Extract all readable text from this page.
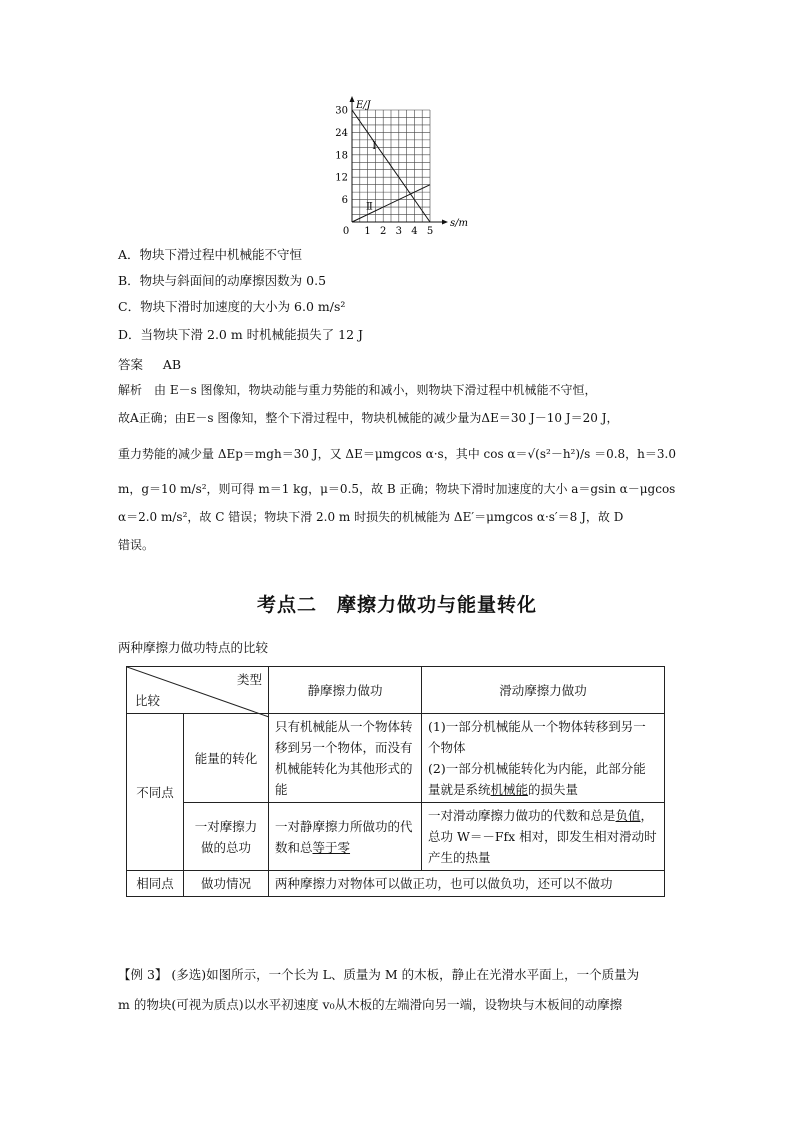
Ⅰ
Ⅱ
0 1 2 3 4 5
6
12
18
24
30 E/J
s/m
A．物块下滑过程中机械能不守恒
B．物块与斜面间的动摩擦因数为 0.5
C．物块下滑时加速度的大小为 6.0 m/s²
D．当物块下滑 2.0 m 时机械能损失了 12 J
答案 AB
解析　由 E－s 图像知，物块动能与重力势能的和减小，则物块下滑过程中机械能不守恒，
故A正确；由E－s 图像知，整个下滑过程中，物块机械能的减少量为ΔE＝30 J－10 J＝20 J，
重力势能的减少量 ΔEp＝mgh＝30 J，又 ΔE＝μmgcos α·s，其中 cos α＝√(s²－h²)/s ＝0.8，h＝3.0
m，g＝10 m/s²，则可得 m＝1 kg，μ＝0.5，故 B 正确；物块下滑时加速度的大小 a＝gsin α－μgcos
α＝2.0 m/s²，故 C 错误；物块下滑 2.0 m 时损失的机械能为 ΔE′＝μmgcos α·s′＝8 J，故 D
错误。
考点二　摩擦力做功与能量转化
两种摩擦力做功特点的比较
类型
比较		静摩擦力做功	滑动摩擦力做功
不同点	能量的转化	只有机械能从一个物体转移到另一个物体，而没有机械能转化为其他形式的能	(1)一部分机械能从一个物体转移到另一个物体
(2)一部分机械能转化为内能，此部分能量就是系统机械能的损失量

	一对摩擦力做的总功	一对静摩擦力所做功的代数和总等于零	一对滑动摩擦力做功的代数和总是负值，总功 W＝－Ffx 相对，即发生相对滑动时产生的热量
相同点	做功情况	两种摩擦力对物体可以做正功，也可以做负功，还可以不做功	
【例 3】 (多选)如图所示，一个长为 L、质量为 M 的木板，静止在光滑水平面上，一个质量为
m 的物块(可视为质点)以水平初速度 v₀从木板的左端滑向另一端，设物块与木板间的动摩擦
